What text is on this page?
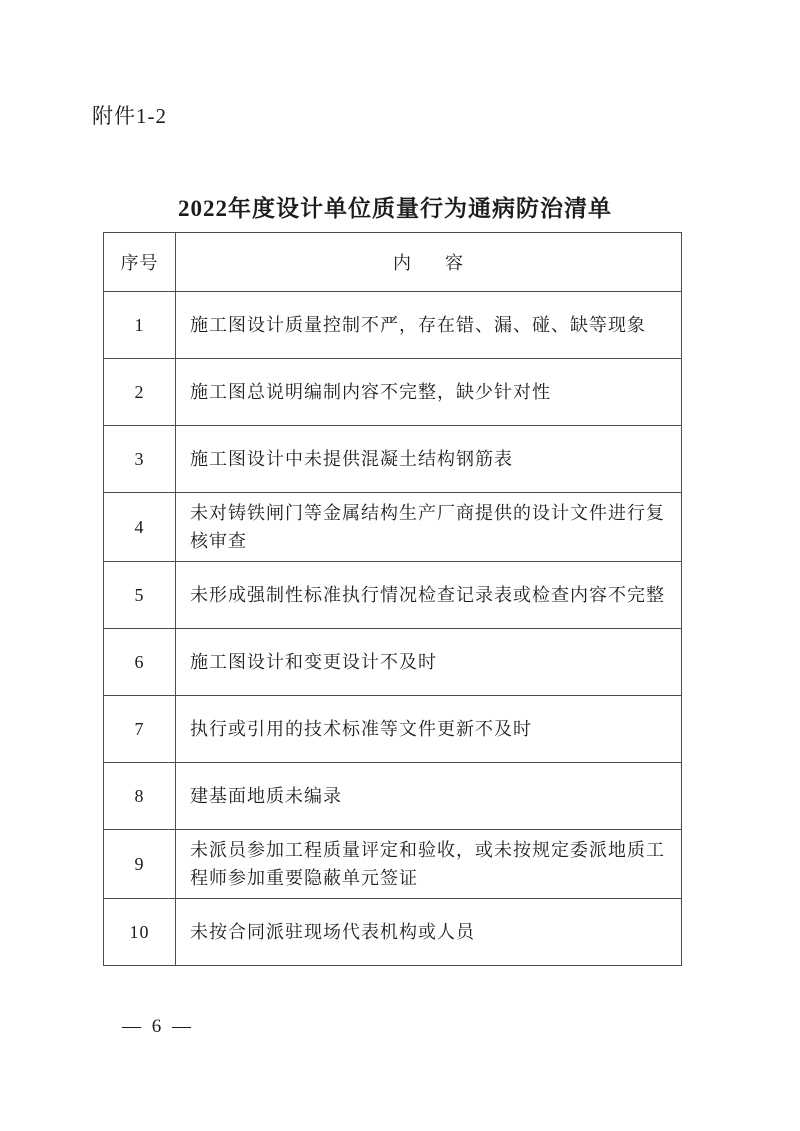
附件1-2
2022年度设计单位质量行为通病防治清单
序号	内      容
1	施工图设计质量控制不严，存在错、漏、碰、缺等现象
2	施工图总说明编制内容不完整，缺少针对性
3	施工图设计中未提供混凝土结构钢筋表
4	未对铸铁闸门等金属结构生产厂商提供的设计文件进行复核审查
5	未形成强制性标准执行情况检查记录表或检查内容不完整
6	施工图设计和变更设计不及时
7	执行或引用的技术标准等文件更新不及时
8	建基面地质未编录
9	未派员参加工程质量评定和验收，或未按规定委派地质工程师参加重要隐蔽单元签证
10	未按合同派驻现场代表机构或人员
— 6 —
